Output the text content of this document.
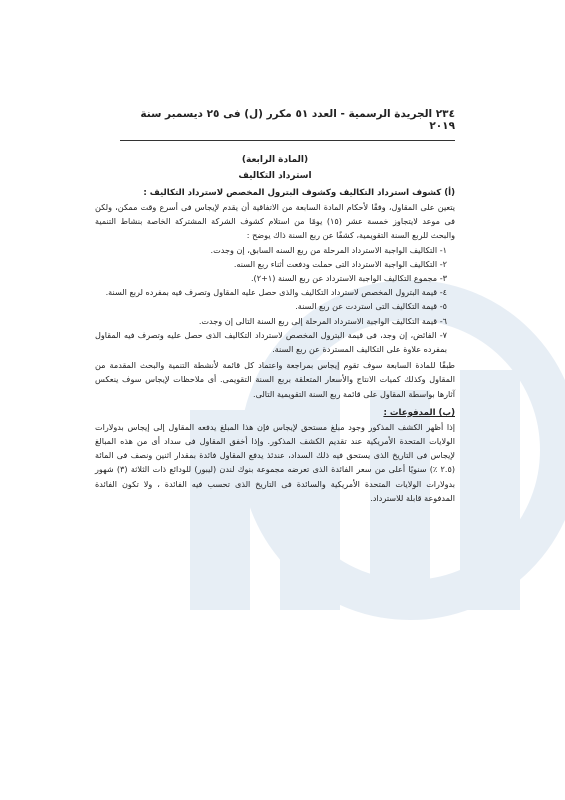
٢٣٤ الجريدة الرسمية - العدد ٥١ مكرر (ل) فى ٢٥ ديسمبر سنة ٢٠١٩
(المادة الرابعة)
استرداد التكاليف
(أ) كشوف استرداد التكاليف وكشوف البترول المخصص لاسترداد التكاليف :
يتعين على المقاول، وفقًا لأحكام المادة السابعة من الاتفاقية أن يقدم لإيجاس فى أسرع وقت ممكن، ولكن فى موعد لايتجاوز خمسة عشر (١٥) يومًا من استلام كشوف الشركة المشتركة الخاصة بنشاط التنمية والبحث للربع السنة التقويمية، كشفًا عن ربع السنة ذاك يوضح :
١- التكاليف الواجبة الاسترداد المرحلة من ربع السنه السابق، إن وجدت.
٢- التكاليف الواجبة الاسترداد التى حملت ودفعت أثناء ربع السنه.
٣- مجموع التكاليف الواجبة الاسترداد عن ربع السنة (١+٢).
٤- قيمة البترول المخصص لاسترداد التكاليف والذى حصل عليه المقاول وتصرف فيه بمفرده لربع السنة.
٥- قيمة التكاليف التى استردت عن ربع السنة.
٦- قيمة التكاليف الواجبة الاسترداد المرحلة إلى ربع السنة التالى إن وجدت.
٧- الفائض، إن وجد، فى قيمة البترول المخصص لاسترداد التكاليف الذى حصل عليه وتصرف فيه المقاول بمفرده علاوة على التكاليف المستردة عن ربع السنة.
طبقًا للمادة السابعة سوف تقوم إيجاس بمراجعة واعتماد كل قائمة لأنشطة التنمية والبحث المقدمة من المقاول وكذلك كميات الانتاج والأسعار المتعلقة بربع السنة التقويمى. أى ملاحظات لإيجاس سوف ينعكس آثارها بواسطة المقاول على قائمة ربع السنة التقويمية التالى.
(ب) المدفوعات :
إذا أظهر الكشف المذكور وجود مبلغ مستحق لإيجاس فإن هذا المبلغ يدفعه المقاول إلى إيجاس بدولارات الولايات المتحدة الأمريكية عند تقديم الكشف المذكور. وإذا أخفق المقاول فى سداد أى من هذه المبالغ لإيجاس فى التاريخ الذى يستحق فيه ذلك السداد، عندئذ يدفع المقاول فائدة بمقدار اثنين ونصف فى المائة (٢.٥ ٪) سنويًا أعلى من سعر الفائدة الذى تعرضه مجموعة بنوك لندن (ليبور) للودائع ذات الثلاثة (٣) شهور بدولارات الولايات المتحدة الأمريكية والسائدة فى التاريخ الذى تحسب فيه الفائدة ، ولا تكون الفائدة المدفوعة قابلة للاسترداد.
